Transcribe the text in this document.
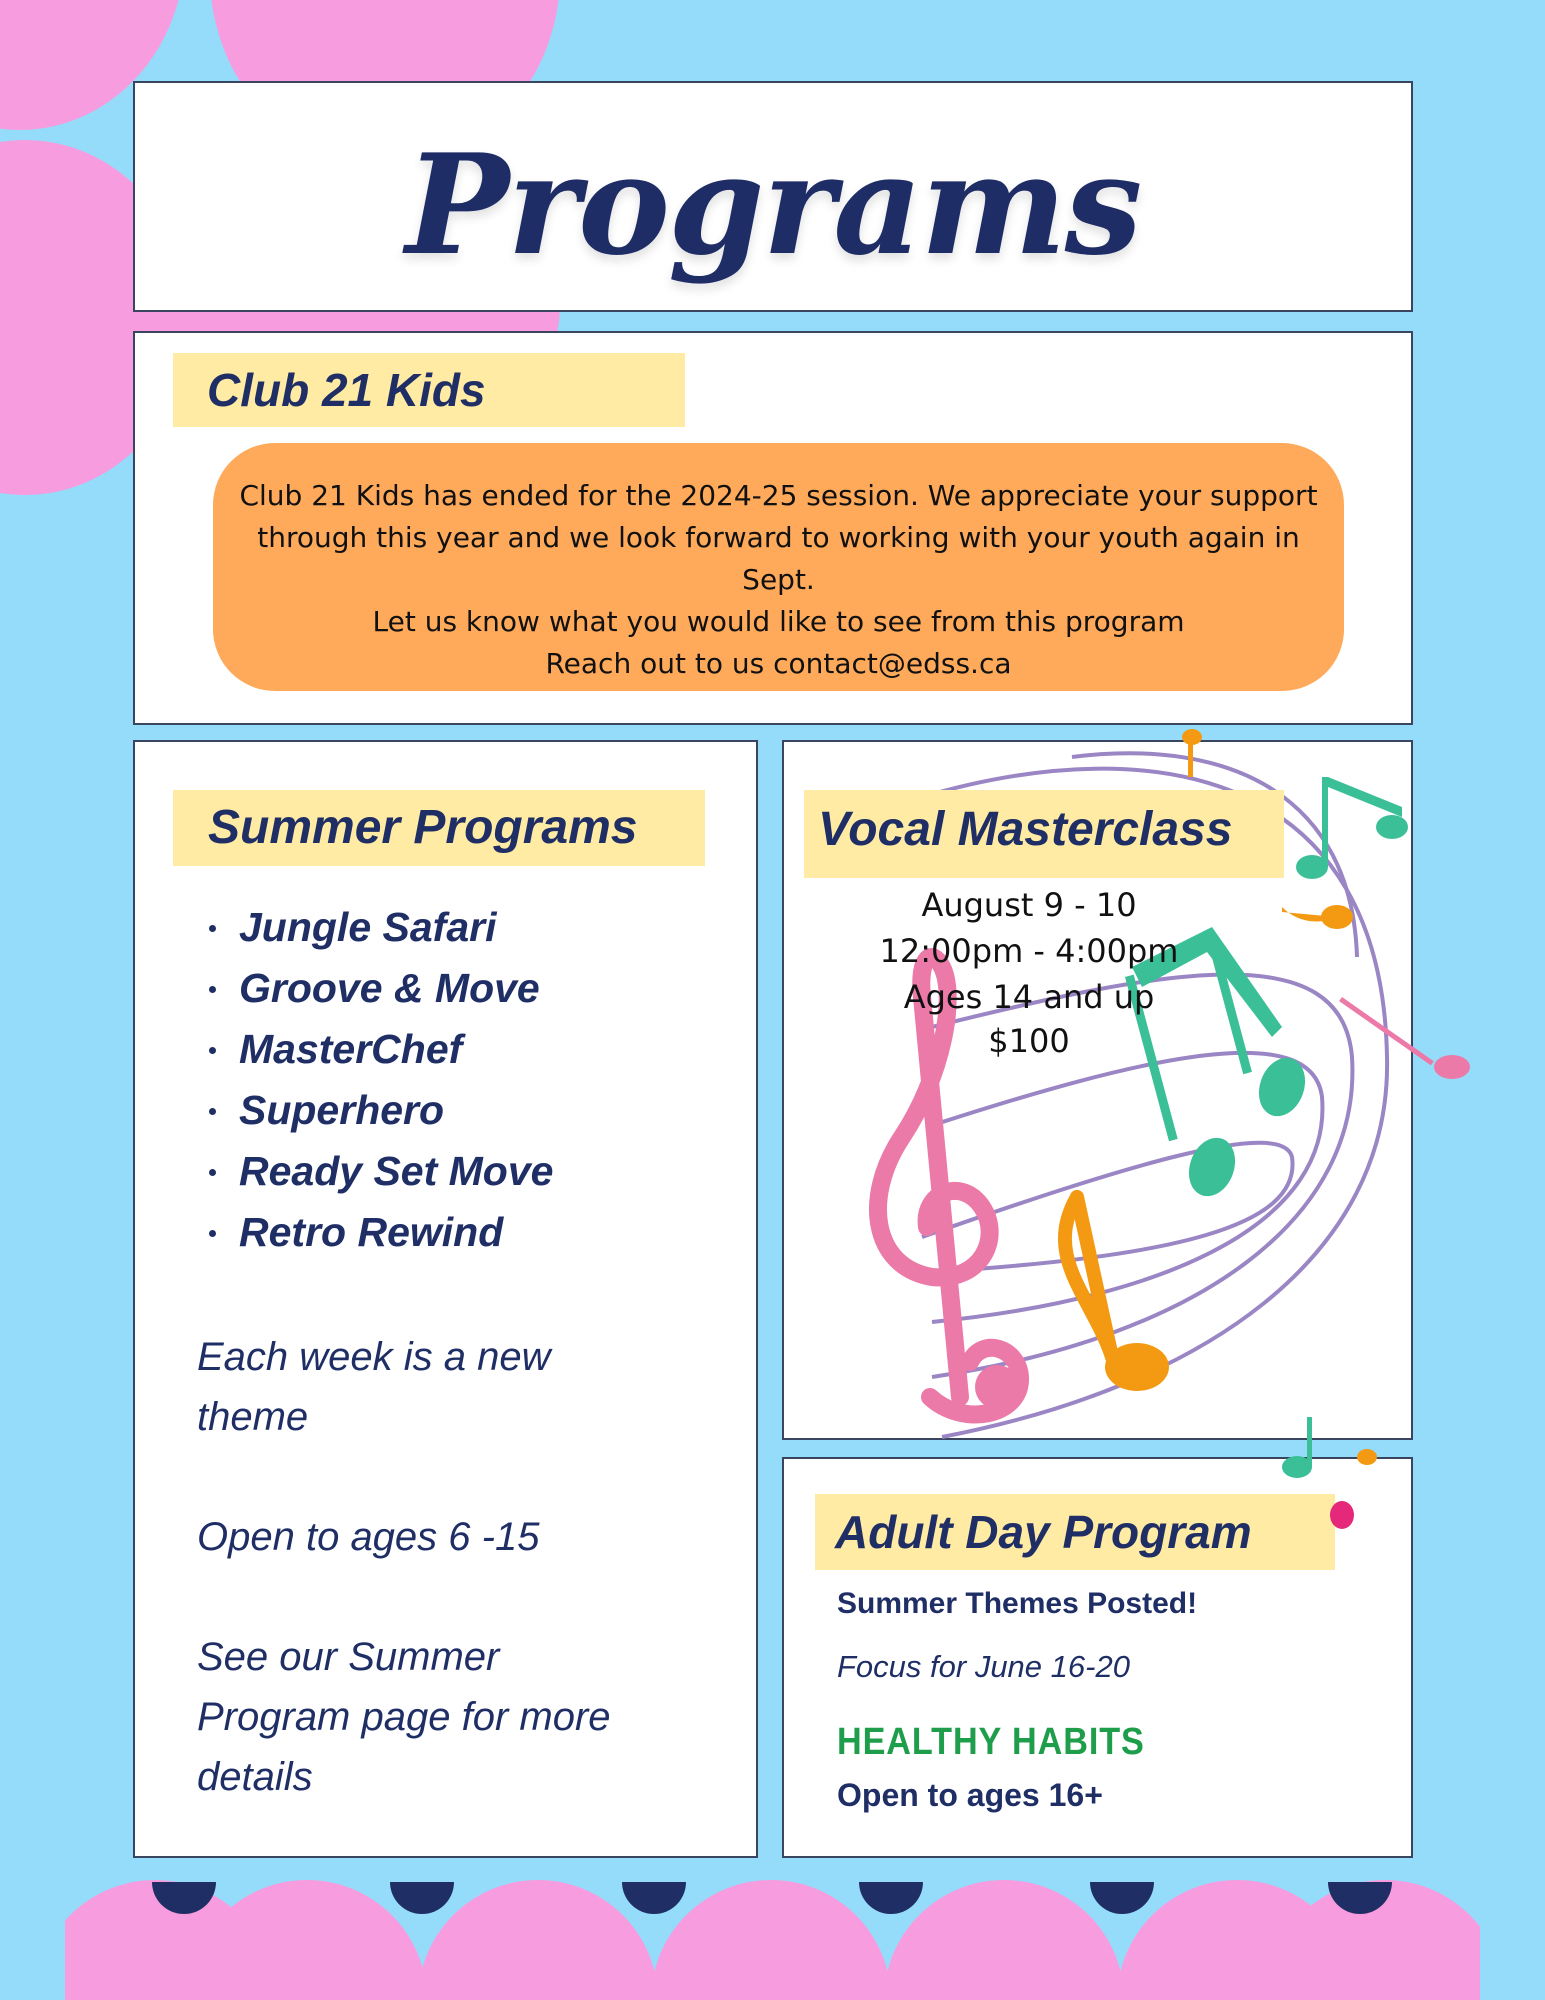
Programs
Club 21 Kids
Club 21 Kids has ended for the 2024-25 session. We appreciate your support
through this year and we look forward to working with your youth again in
Sept.
Let us know what you would like to see from this program
Reach out to us contact@edss.ca
Summer Programs
Jungle Safari
Groove & Move
MasterChef
Superhero
Ready Set Move
Retro Rewind
Each week is a new
theme
Open to ages 6 -15
See our Summer
Program page for more
details
Vocal Masterclass
August 9 - 10
12:00pm - 4:00pm
Ages 14 and up
$100
Adult Day Program
Summer Themes Posted!
Focus for June 16-20
HEALTHY HABITS
Open to ages 16+
